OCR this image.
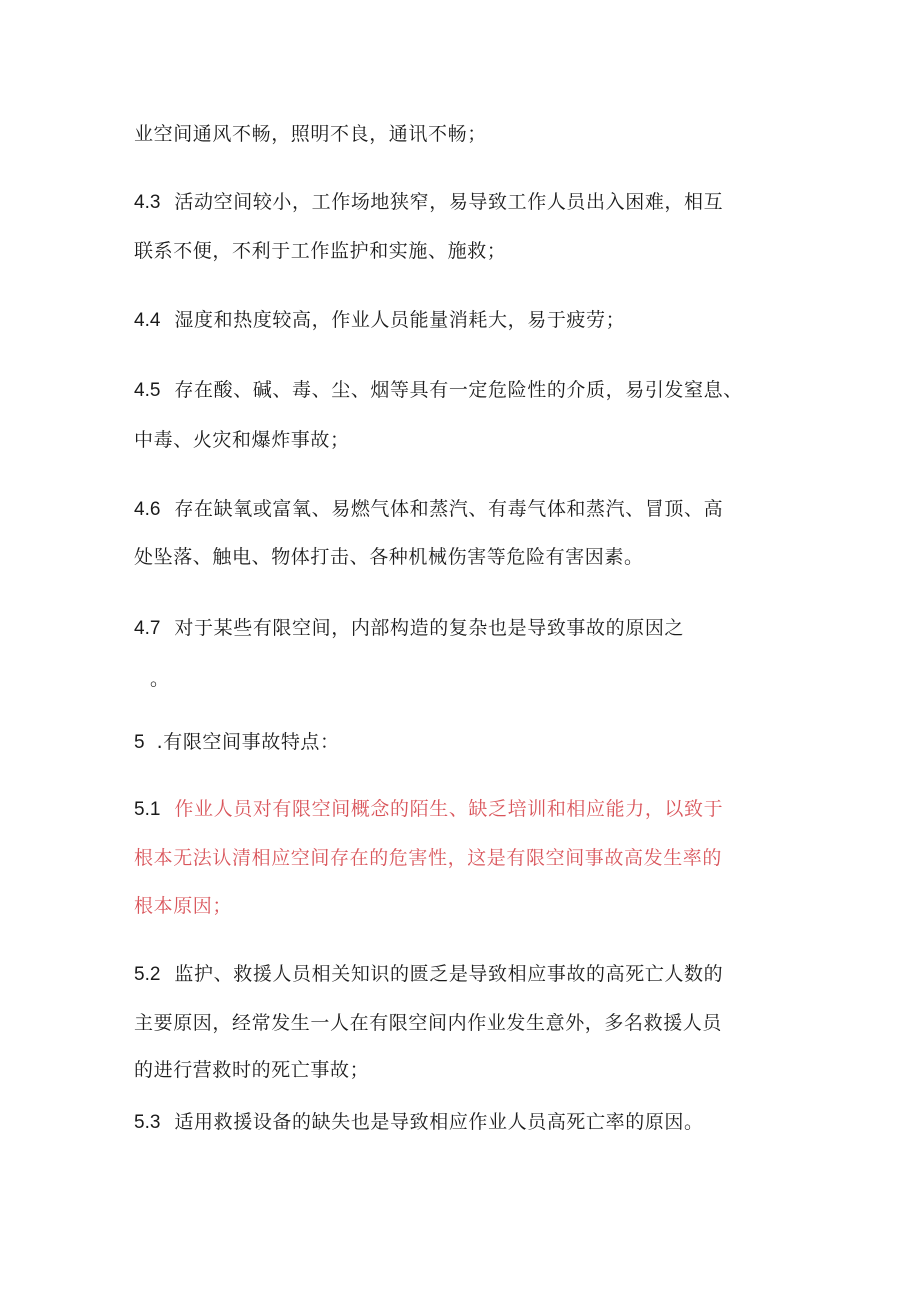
业空间通风不畅，照明不良，通讯不畅；
4.3 活动空间较小，工作场地狭窄，易导致工作人员出入困难，相互
联系不便，不利于工作监护和实施、施救；
4.4 湿度和热度较高，作业人员能量消耗大，易于疲劳；
4.5 存在酸、碱、毒、尘、烟等具有一定危险性的介质，易引发窒息、
中毒、火灾和爆炸事故；
4.6 存在缺氧或富氧、易燃气体和蒸汽、有毒气体和蒸汽、冒顶、高
处坠落、触电、物体打击、各种机械伤害等危险有害因素。
4.7 对于某些有限空间，内部构造的复杂也是导致事故的原因之
。
5 .有限空间事故特点：
5.1 作业人员对有限空间概念的陌生、缺乏培训和相应能力，以致于
根本无法认清相应空间存在的危害性，这是有限空间事故高发生率的
根本原因；
5.2 监护、救援人员相关知识的匮乏是导致相应事故的高死亡人数的
主要原因，经常发生一人在有限空间内作业发生意外，多名救援人员
的进行营救时的死亡事故；
5.3 适用救援设备的缺失也是导致相应作业人员高死亡率的原因。
